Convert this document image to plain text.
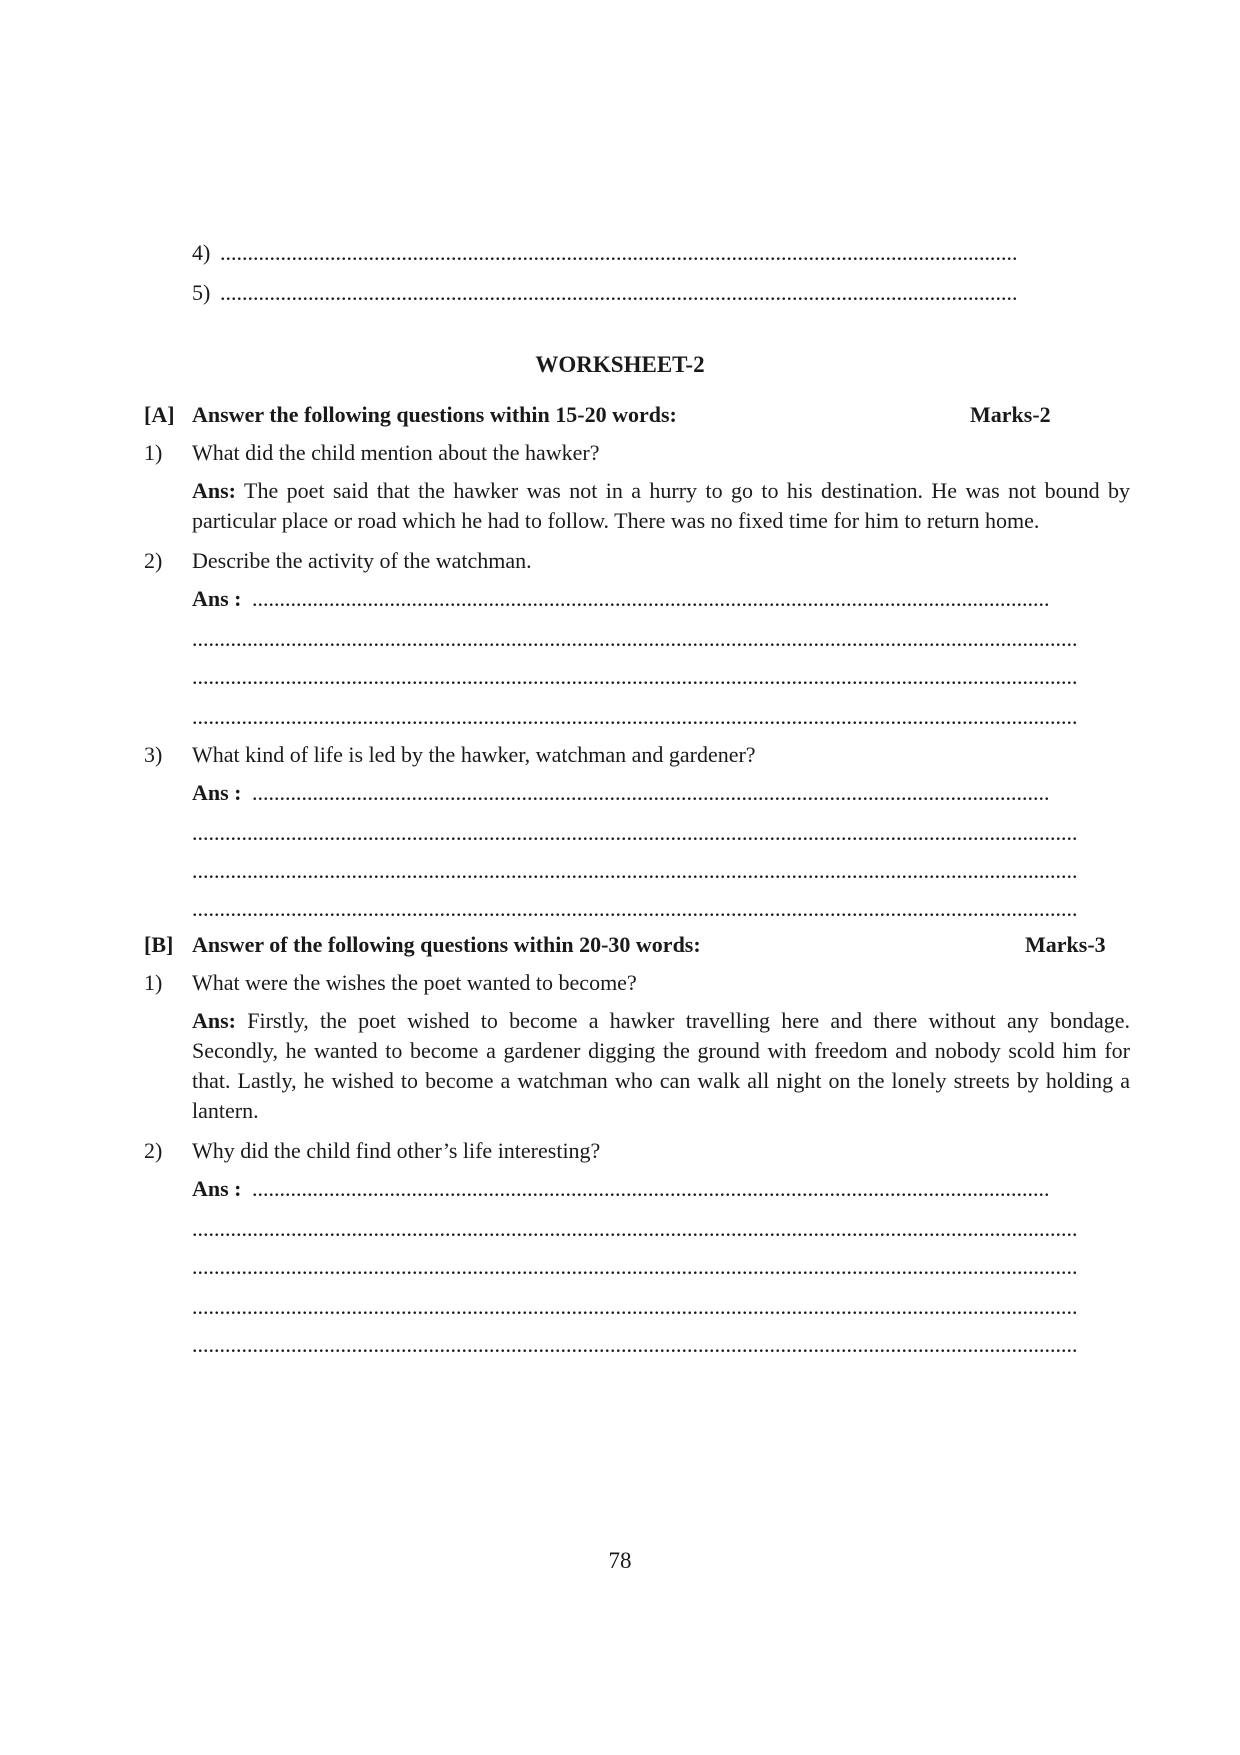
4) .................................................................................................................................................
5) .................................................................................................................................................
WORKSHEET-2
[A] Answer the following questions within 15-20 words:	Marks-2
1) What did the child mention about the hawker?
Ans: The poet said that the hawker was not in a hurry to go to his destination. He was not bound by particular place or road which he had to follow. There was no fixed time for him to return home.
2) Describe the activity of the watchman.
Ans : .................................................................................................................................................
.................................................................................................................................................................
.................................................................................................................................................................
.................................................................................................................................................................
3) What kind of life is led by the hawker, watchman and gardener?
Ans : .................................................................................................................................................
.................................................................................................................................................................
.................................................................................................................................................................
.................................................................................................................................................................
[B] Answer of the following questions within 20-30 words:	Marks-3
1) What were the wishes the poet wanted to become?
Ans: Firstly, the poet wished to become a hawker travelling here and there without any bondage. Secondly, he wanted to become a gardener digging the ground with freedom and nobody scold him for that. Lastly, he wished to become a watchman who can walk all night on the lonely streets by holding a lantern.
2) Why did the child find other’s life interesting?
Ans : .................................................................................................................................................
.................................................................................................................................................................
.................................................................................................................................................................
.................................................................................................................................................................
.................................................................................................................................................................
78
